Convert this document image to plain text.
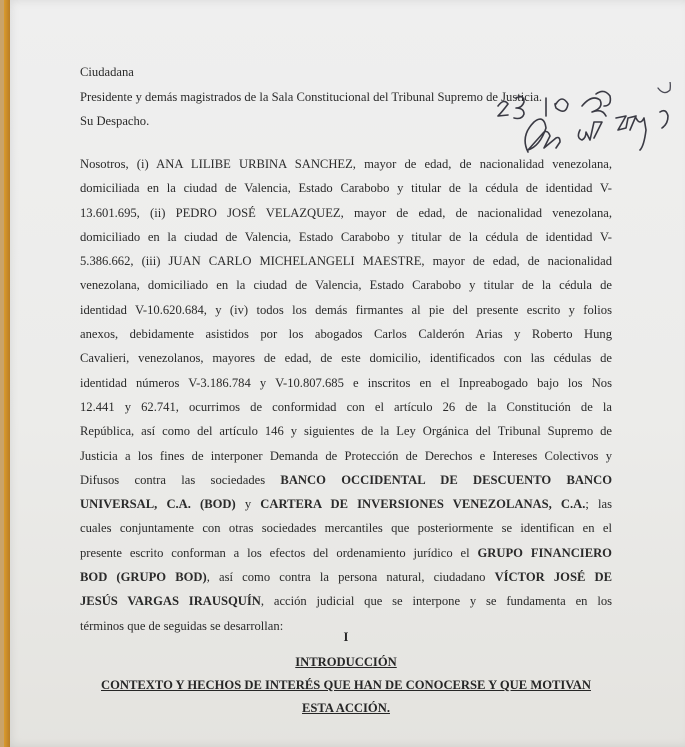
Ciudadana
Presidente y demás magistrados de la Sala Constitucional del Tribunal Supremo de Justicia.
Su Despacho.
Nosotros, (i) ANA LILIBE URBINA SANCHEZ, mayor de edad, de nacionalidad venezolana,
domiciliada en la ciudad de Valencia, Estado Carabobo y titular de la cédula de identidad V-
13.601.695, (ii) PEDRO JOSÉ VELAZQUEZ, mayor de edad, de nacionalidad venezolana,
domiciliado en la ciudad de Valencia, Estado Carabobo y titular de la cédula de identidad V-
5.386.662, (iii) JUAN CARLO MICHELANGELI MAESTRE, mayor de edad, de nacionalidad
venezolana, domiciliado en la ciudad de Valencia, Estado Carabobo y titular de la cédula de
identidad V-10.620.684, y (iv) todos los demás firmantes al pie del presente escrito y folios
anexos, debidamente asistidos por los abogados Carlos Calderón Arias y Roberto Hung
Cavalieri, venezolanos, mayores de edad, de este domicilio, identificados con las cédulas de
identidad números V-3.186.784 y V-10.807.685 e inscritos en el Inpreabogado bajo los Nos
12.441 y 62.741, ocurrimos de conformidad con el artículo 26 de la Constitución de la
República, así como del artículo 146 y siguientes de la Ley Orgánica del Tribunal Supremo de
Justicia a los fines de interponer Demanda de Protección de Derechos e Intereses Colectivos y
Difusos contra las sociedades BANCO OCCIDENTAL DE DESCUENTO BANCO
UNIVERSAL, C.A. (BOD) y CARTERA DE INVERSIONES VENEZOLANAS, C.A.; las
cuales conjuntamente con otras sociedades mercantiles que posteriormente se identifican en el
presente escrito conforman a los efectos del ordenamiento jurídico el GRUPO FINANCIERO
BOD (GRUPO BOD), así como contra la persona natural, ciudadano VÍCTOR JOSÉ DE
JESÚS VARGAS IRAUSQUÍN, acción judicial que se interpone y se fundamenta en los
términos que de seguidas se desarrollan:
I
INTRODUCCIÓN
CONTEXTO Y HECHOS DE INTERÉS QUE HAN DE CONOCERSE Y QUE MOTIVAN
ESTA ACCIÓN.
